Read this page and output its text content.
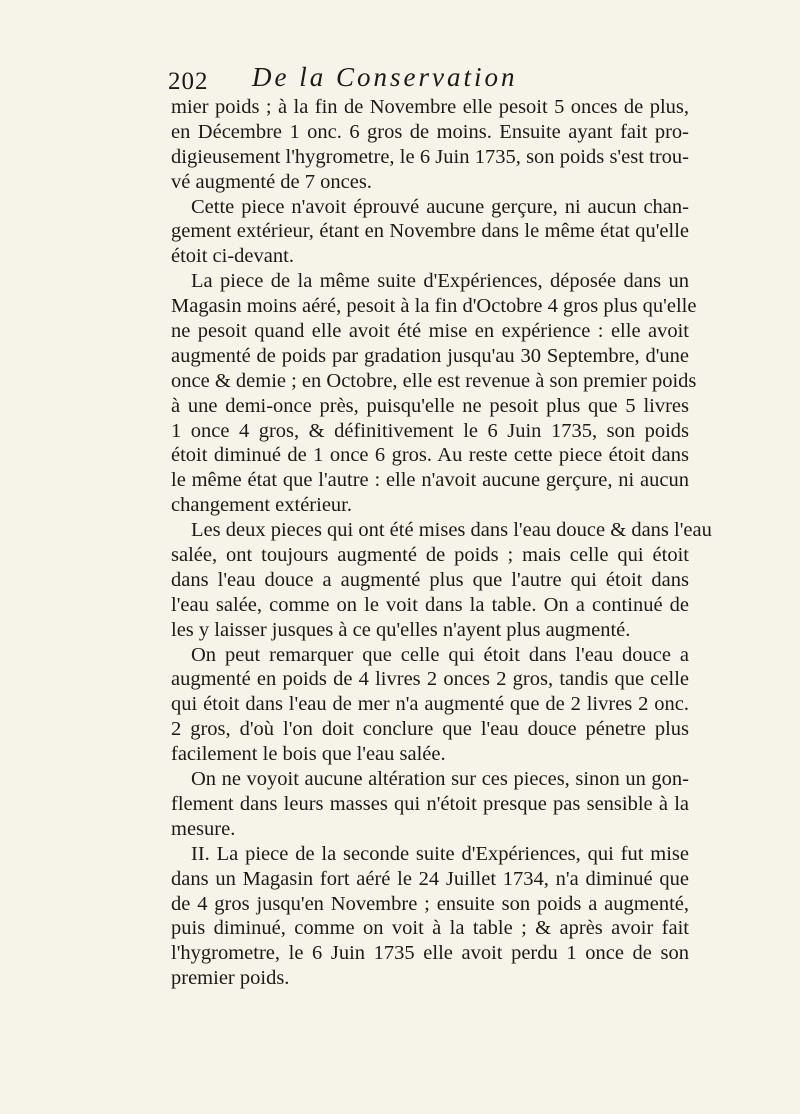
202 De la Conservation
mier poids ; à la fin de Novembre elle pesoit 5 onces de plus,
en Décembre 1 onc. 6 gros de moins. Ensuite ayant fait pro-
digieusement l'hygrometre, le 6 Juin 1735, son poids s'est trou-
vé augmenté de 7 onces.
Cette piece n'avoit éprouvé aucune gerçure, ni aucun chan-
gement extérieur, étant en Novembre dans le même état qu'elle
étoit ci-devant.
La piece de la même suite d'Expériences, déposée dans un
Magasin moins aéré, pesoit à la fin d'Octobre 4 gros plus qu'elle
ne pesoit quand elle avoit été mise en expérience : elle avoit
augmenté de poids par gradation jusqu'au 30 Septembre, d'une
once & demie ; en Octobre, elle est revenue à son premier poids
à une demi-once près, puisqu'elle ne pesoit plus que 5 livres
1 once 4 gros, & définitivement le 6 Juin 1735, son poids
étoit diminué de 1 once 6 gros. Au reste cette piece étoit dans
le même état que l'autre : elle n'avoit aucune gerçure, ni aucun
changement extérieur.
Les deux pieces qui ont été mises dans l'eau douce & dans l'eau
salée, ont toujours augmenté de poids ; mais celle qui étoit
dans l'eau douce a augmenté plus que l'autre qui étoit dans
l'eau salée, comme on le voit dans la table. On a continué de
les y laisser jusques à ce qu'elles n'ayent plus augmenté.
On peut remarquer que celle qui étoit dans l'eau douce a
augmenté en poids de 4 livres 2 onces 2 gros, tandis que celle
qui étoit dans l'eau de mer n'a augmenté que de 2 livres 2 onc.
2 gros, d'où l'on doit conclure que l'eau douce pénetre plus
facilement le bois que l'eau salée.
On ne voyoit aucune altération sur ces pieces, sinon un gon-
flement dans leurs masses qui n'étoit presque pas sensible à la
mesure.
II. La piece de la seconde suite d'Expériences, qui fut mise
dans un Magasin fort aéré le 24 Juillet 1734, n'a diminué que
de 4 gros jusqu'en Novembre ; ensuite son poids a augmenté,
puis diminué, comme on voit à la table ; & après avoir fait
l'hygrometre, le 6 Juin 1735 elle avoit perdu 1 once de son
premier poids.
